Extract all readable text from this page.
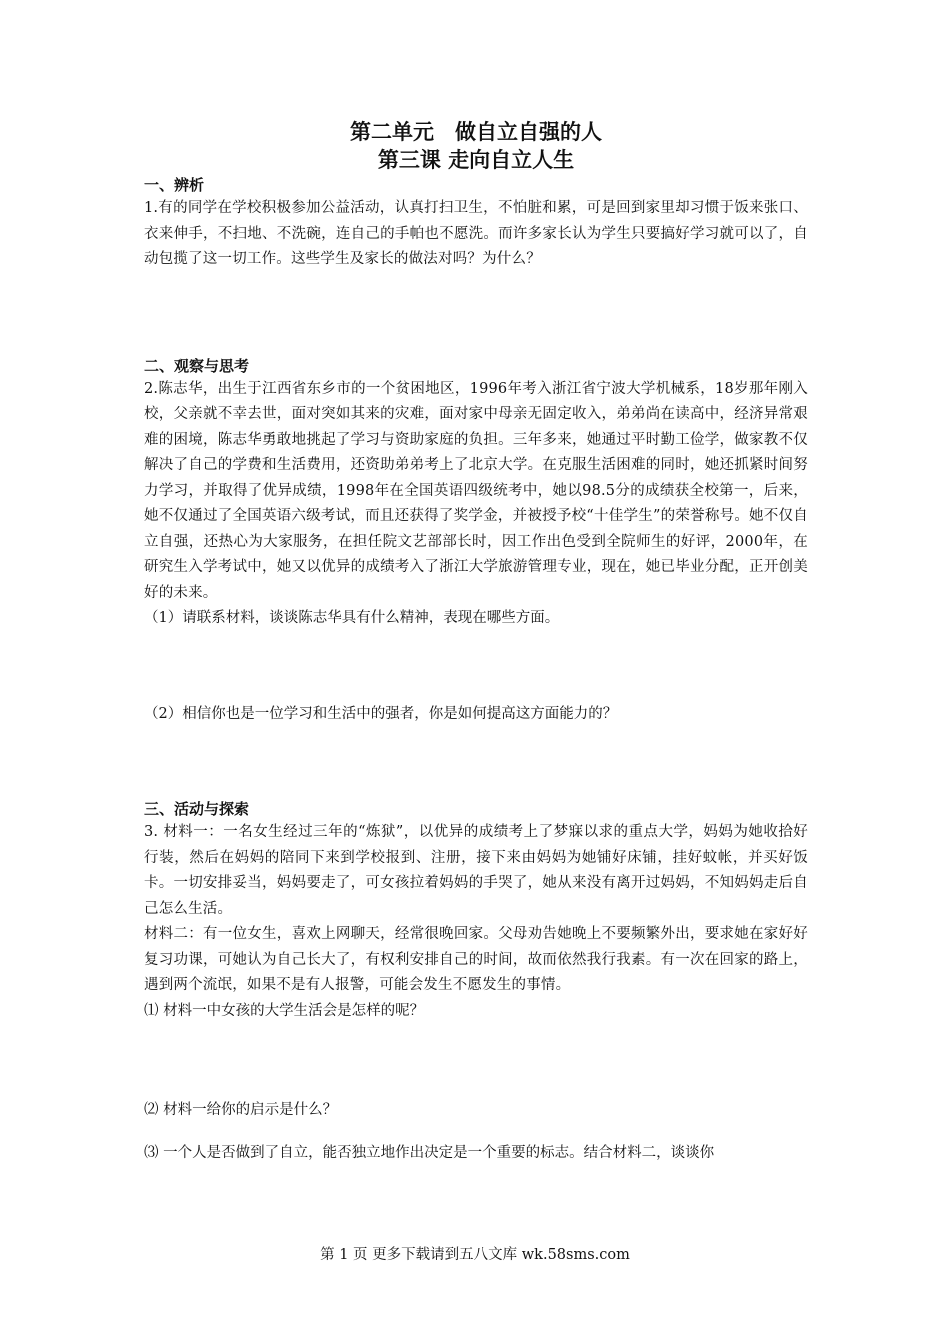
第二单元　做自立自强的人

第三课 走向自立人生

一、辨析

1.有的同学在学校积极参加公益活动，认真打扫卫生，不怕脏和累，可是回到家里却习惯于饭来张口、衣来伸手，不扫地、不洗碗，连自己的手帕也不愿洗。而许多家长认为学生只要搞好学习就可以了，自动包揽了这一切工作。这些学生及家长的做法对吗？为什么？

二、观察与思考

2.陈志华，出生于江西省东乡市的一个贫困地区，1996年考入浙江省宁波大学机械系，18岁那年刚入校，父亲就不幸去世，面对突如其来的灾难，面对家中母亲无固定收入，弟弟尚在读高中，经济异常艰难的困境，陈志华勇敢地挑起了学习与资助家庭的负担。三年多来，她通过平时勤工俭学，做家教不仅解决了自己的学费和生活费用，还资助弟弟考上了北京大学。在克服生活困难的同时，她还抓紧时间努力学习，并取得了优异成绩，1998年在全国英语四级统考中，她以98.5分的成绩获全校第一，后来，她不仅通过了全国英语六级考试，而且还获得了奖学金，并被授予校“十佳学生”的荣誉称号。她不仅自立自强，还热心为大家服务，在担任院文艺部部长时，因工作出色受到全院师生的好评，2000年，在研究生入学考试中，她又以优异的成绩考入了浙江大学旅游管理专业，现在，她已毕业分配，正开创美好的未来。

（1）请联系材料，谈谈陈志华具有什么精神，表现在哪些方面。

（2）相信你也是一位学习和生活中的强者，你是如何提高这方面能力的？

三、活动与探索

3. 材料一：一名女生经过三年的“炼狱”，以优异的成绩考上了梦寐以求的重点大学，妈妈为她收拾好行装，然后在妈妈的陪同下来到学校报到、注册，接下来由妈妈为她铺好床铺，挂好蚊帐，并买好饭卡。一切安排妥当，妈妈要走了，可女孩拉着妈妈的手哭了，她从来没有离开过妈妈，不知妈妈走后自己怎么生活。

材料二：有一位女生，喜欢上网聊天，经常很晚回家。父母劝告她晚上不要频繁外出，要求她在家好好复习功课，可她认为自己长大了，有权利安排自己的时间，故而依然我行我素。有一次在回家的路上，遇到两个流氓，如果不是有人报警，可能会发生不愿发生的事情。

⑴ 材料一中女孩的大学生活会是怎样的呢？

⑵ 材料一给你的启示是什么？

⑶ 一个人是否做到了自立，能否独立地作出决定是一个重要的标志。结合材料二，谈谈你

第 1 页 更多下载请到五八文库 wk.58sms.com
